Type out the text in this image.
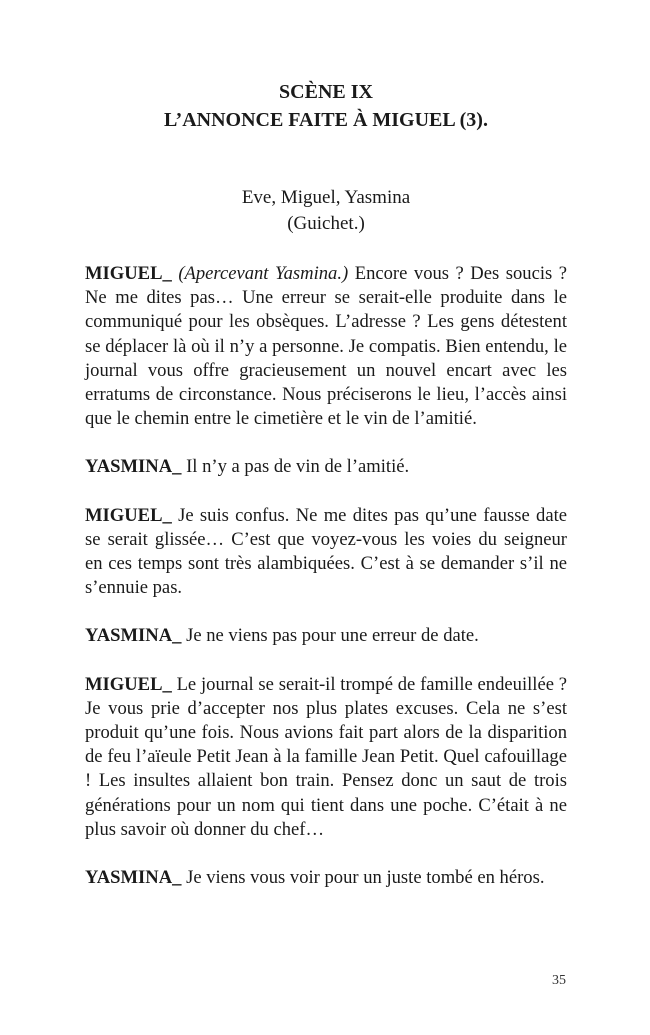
SCÈNE IX
L’ANNONCE FAITE À MIGUEL (3).
Eve, Miguel, Yasmina
(Guichet.)

MIGUEL_ (Apercevant Yasmina.) Encore vous ? Des soucis ? Ne me dites pas… Une erreur se serait-elle produite dans le communiqué pour les obsèques. L’adresse ? Les gens détestent se déplacer là où il n’y a personne. Je compatis. Bien entendu, le journal vous offre gracieusement un nouvel encart avec les erratums de circonstance. Nous préciserons le lieu, l’accès ainsi que le chemin entre le cimetière et le vin de l’amitié.

YASMINA_ Il n’y a pas de vin de l’amitié.

MIGUEL_ Je suis confus. Ne me dites pas qu’une fausse date se serait glissée… C’est que voyez-vous les voies du seigneur en ces temps sont très alambiquées. C’est à se demander s’il ne s’ennuie pas.

YASMINA_ Je ne viens pas pour une erreur de date.

MIGUEL_ Le journal se serait-il trompé de famille endeuillée ? Je vous prie d’accepter nos plus plates excuses. Cela ne s’est produit qu’une fois. Nous avions fait part alors de la disparition de feu l’aïeule Petit Jean à la famille Jean Petit. Quel cafouillage ! Les insultes allaient bon train. Pensez donc un saut de trois générations pour un nom qui tient dans une poche. C’était à ne plus savoir où donner du chef…

YASMINA_ Je viens vous voir pour un juste tombé en héros.

35
